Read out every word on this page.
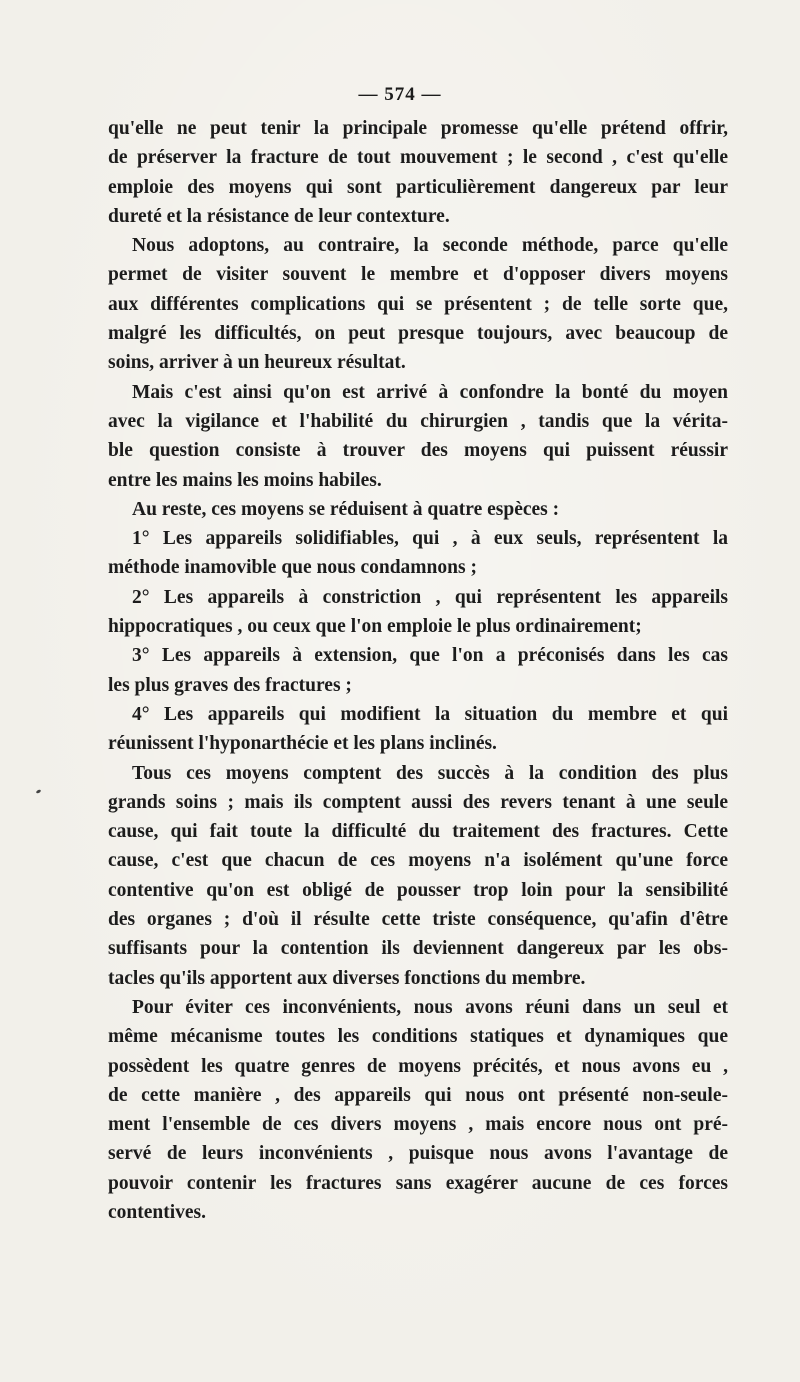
— 574 —
qu'elle ne peut tenir la principale promesse qu'elle prétend offrir,
de préserver la fracture de tout mouvement ; le second , c'est qu'elle
emploie des moyens qui sont particulièrement dangereux par leur
dureté et la résistance de leur contexture.
Nous adoptons, au contraire, la seconde méthode, parce qu'elle
permet de visiter souvent le membre et d'opposer divers moyens
aux différentes complications qui se présentent ; de telle sorte que,
malgré les difficultés, on peut presque toujours, avec beaucoup de
soins, arriver à un heureux résultat.
Mais c'est ainsi qu'on est arrivé à confondre la bonté du moyen
avec la vigilance et l'habilité du chirurgien , tandis que la vérita-
ble question consiste à trouver des moyens qui puissent réussir
entre les mains les moins habiles.
Au reste, ces moyens se réduisent à quatre espèces :
1° Les appareils solidifiables, qui , à eux seuls, représentent la
méthode inamovible que nous condamnons ;
2° Les appareils à constriction , qui représentent les appareils
hippocratiques , ou ceux que l'on emploie le plus ordinairement;
3° Les appareils à extension, que l'on a préconisés dans les cas
les plus graves des fractures ;
4° Les appareils qui modifient la situation du membre et qui
réunissent l'hyponarthécie et les plans inclinés.
Tous ces moyens comptent des succès à la condition des plus
grands soins ; mais ils comptent aussi des revers tenant à une seule
cause, qui fait toute la difficulté du traitement des fractures. Cette
cause, c'est que chacun de ces moyens n'a isolément qu'une force
contentive qu'on est obligé de pousser trop loin pour la sensibilité
des organes ; d'où il résulte cette triste conséquence, qu'afin d'être
suffisants pour la contention ils deviennent dangereux par les obs-
tacles qu'ils apportent aux diverses fonctions du membre.
Pour éviter ces inconvénients, nous avons réuni dans un seul et
même mécanisme toutes les conditions statiques et dynamiques que
possèdent les quatre genres de moyens précités, et nous avons eu ,
de cette manière , des appareils qui nous ont présenté non-seule-
ment l'ensemble de ces divers moyens , mais encore nous ont pré-
servé de leurs inconvénients , puisque nous avons l'avantage de
pouvoir contenir les fractures sans exagérer aucune de ces forces
contentives.
